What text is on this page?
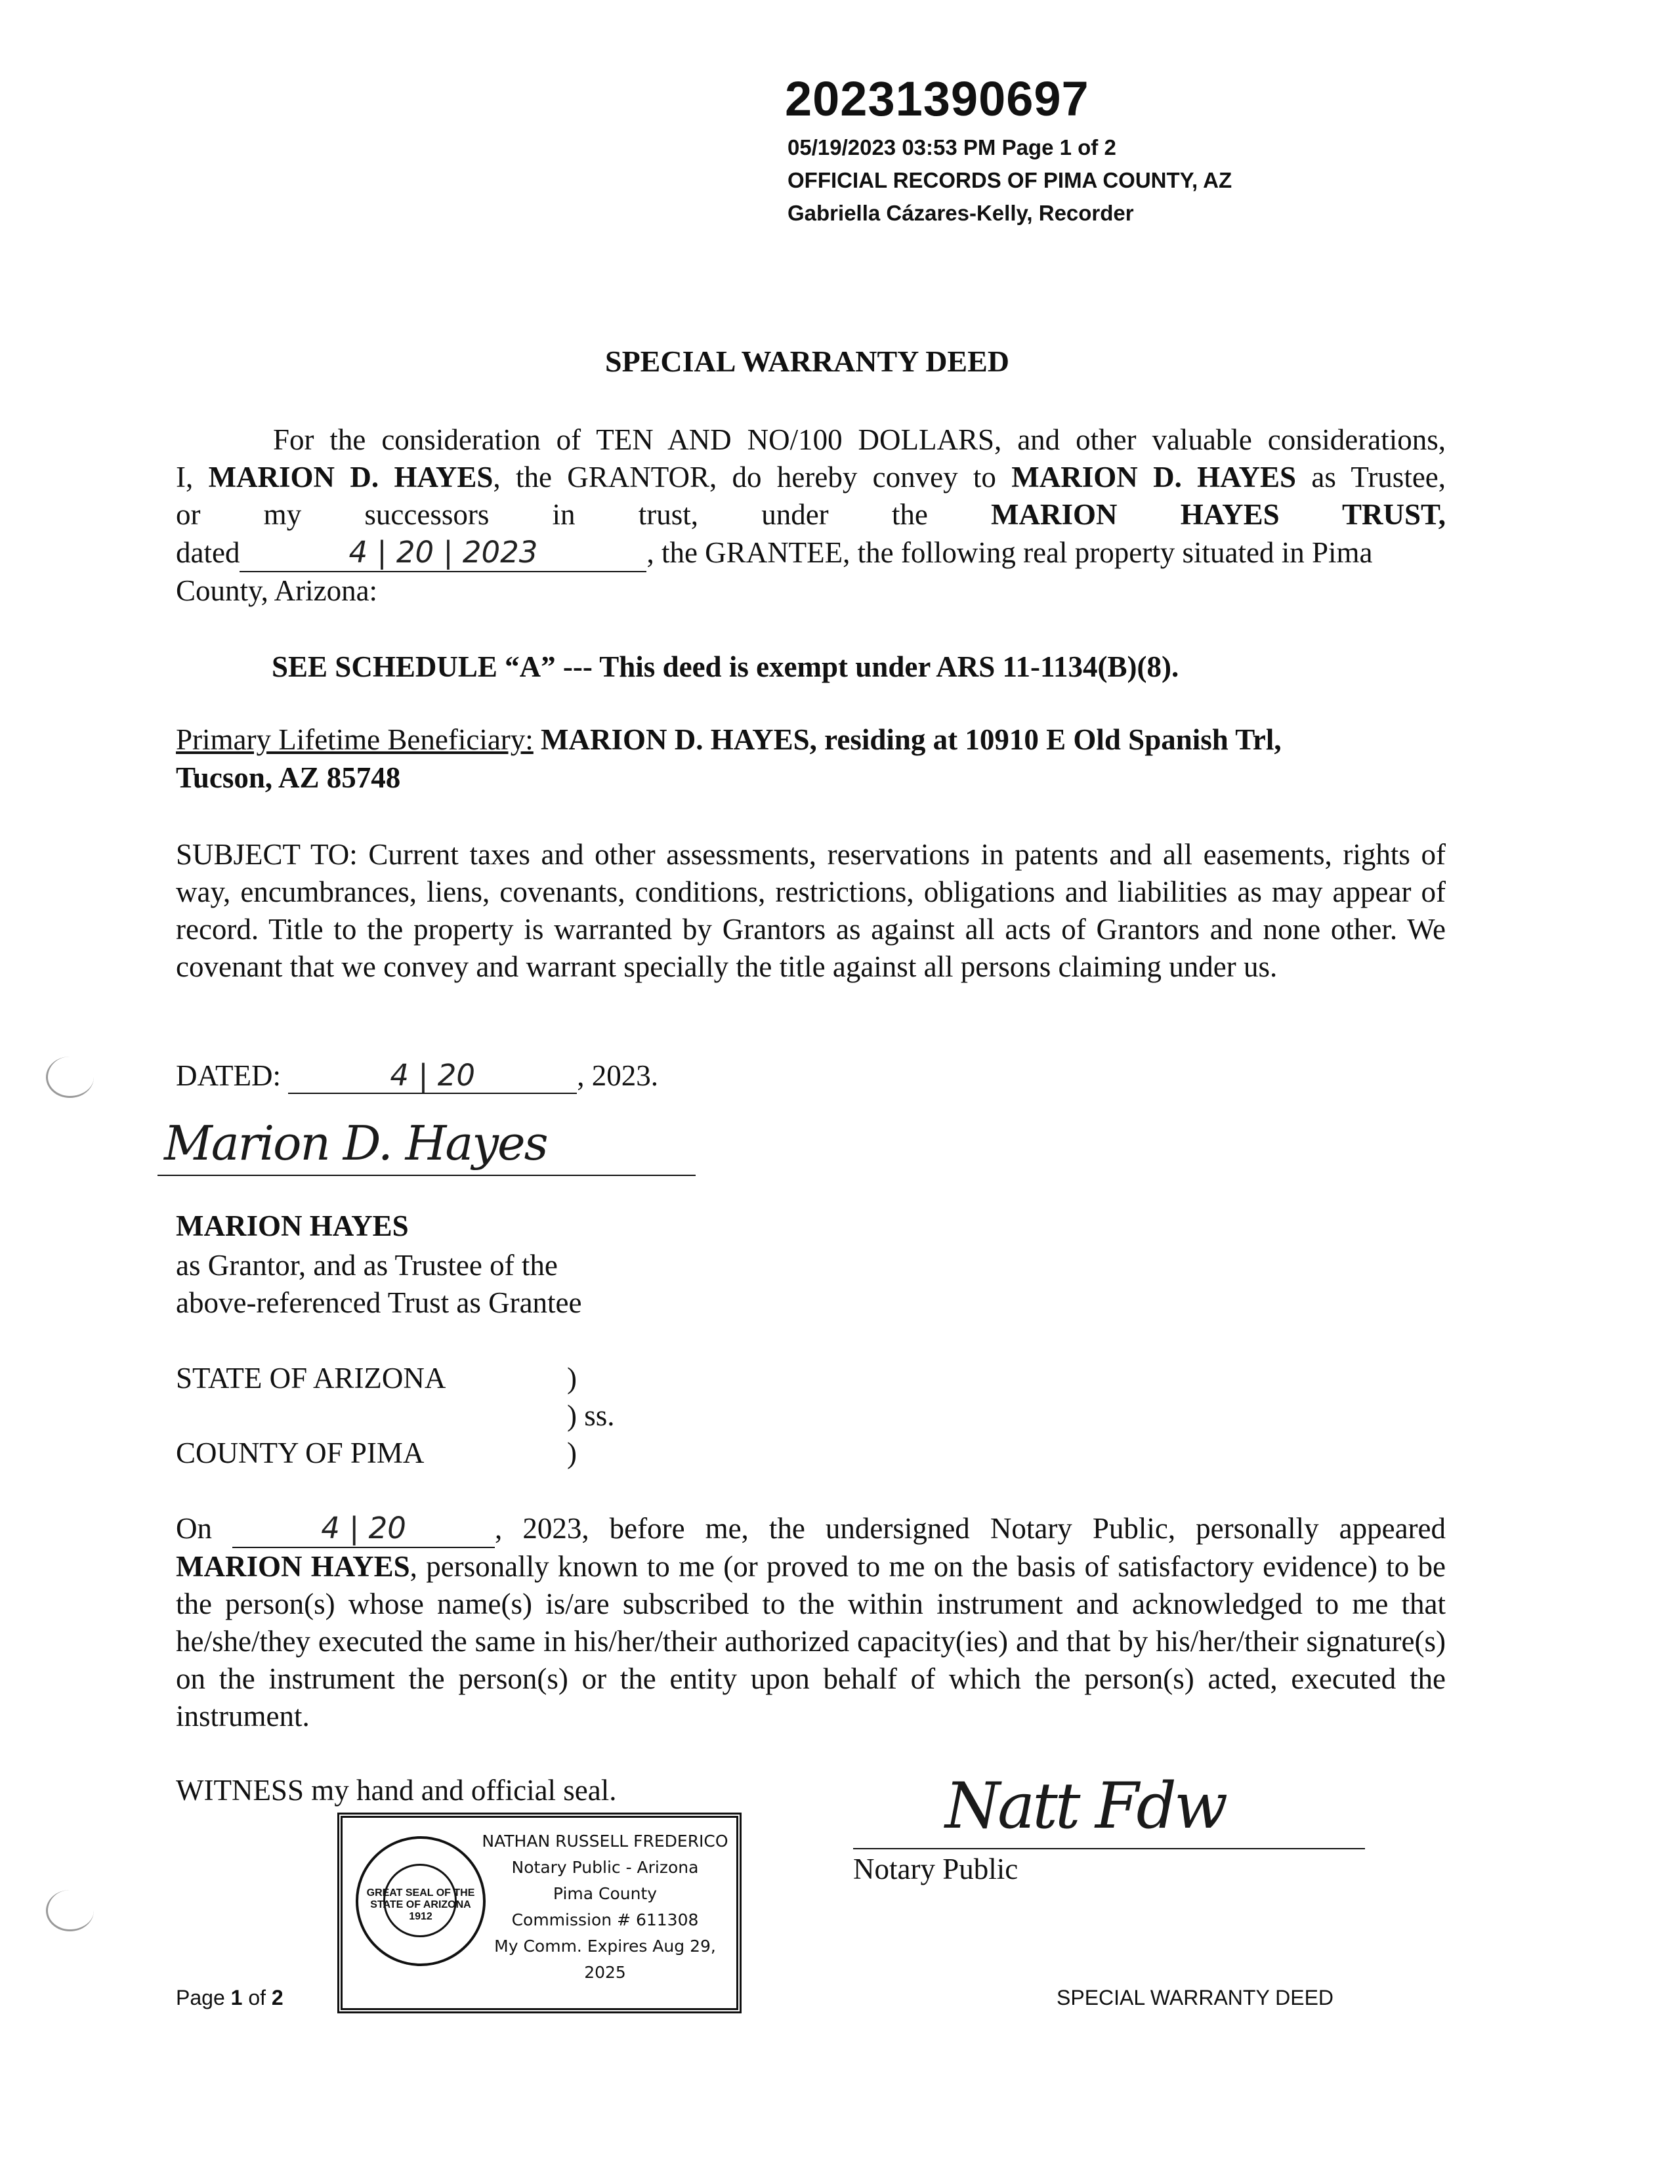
20231390697
05/19/2023 03:53 PM Page 1 of 2
OFFICIAL RECORDS OF PIMA COUNTY, AZ
Gabriella Cázares-Kelly, Recorder
SPECIAL WARRANTY DEED
For the consideration of TEN AND NO/100 DOLLARS, and other valuable considerations,
I, MARION D. HAYES, the GRANTOR, do hereby convey to MARION D. HAYES as Trustee,
or my successors in trust, under the MARION HAYES TRUST,
dated	4 | 20 | 2023	, the GRANTEE, the following real property situated in Pima
County, Arizona:
SEE SCHEDULE “A” --- This deed is exempt under ARS 11-1134(B)(8).
Primary Lifetime Beneficiary: MARION D. HAYES, residing at 10910 E Old Spanish Trl,
Tucson, AZ 85748
SUBJECT TO: Current taxes and other assessments, reservations in patents and all easements, rights of way, encumbrances, liens, covenants, conditions, restrictions, obligations and liabilities as may appear of record. Title to the property is warranted by Grantors as against all acts of Grantors and none other. We covenant that we convey and warrant specially the title against all persons claiming under us.
DATED:	4 | 20	, 2023.
Marion D. Hayes
MARION HAYES
as Grantor, and as Trustee of the
above-referenced Trust as Grantee
STATE OF ARIZONA	)
) ss.
COUNTY OF PIMA	)
On	4 | 20	, 2023, before me, the undersigned Notary Public, personally appeared MARION HAYES, personally known to me (or proved to me on the basis of satisfactory evidence) to be the person(s) whose name(s) is/are subscribed to the within instrument and acknowledged to me that he/she/they executed the same in his/her/their authorized capacity(ies) and that by his/her/their signature(s) on the instrument the person(s) or the entity upon behalf of which the person(s) acted, executed the instrument.
WITNESS my hand and official seal.
GREAT SEAL OF THE STATE OF ARIZONA 1912
NATHAN RUSSELL FREDERICO
Notary Public - Arizona
Pima County
Commission # 611308
My Comm. Expires Aug 29, 2025
Natt Fdw
Notary Public
Page 1 of 2	SPECIAL WARRANTY DEED
